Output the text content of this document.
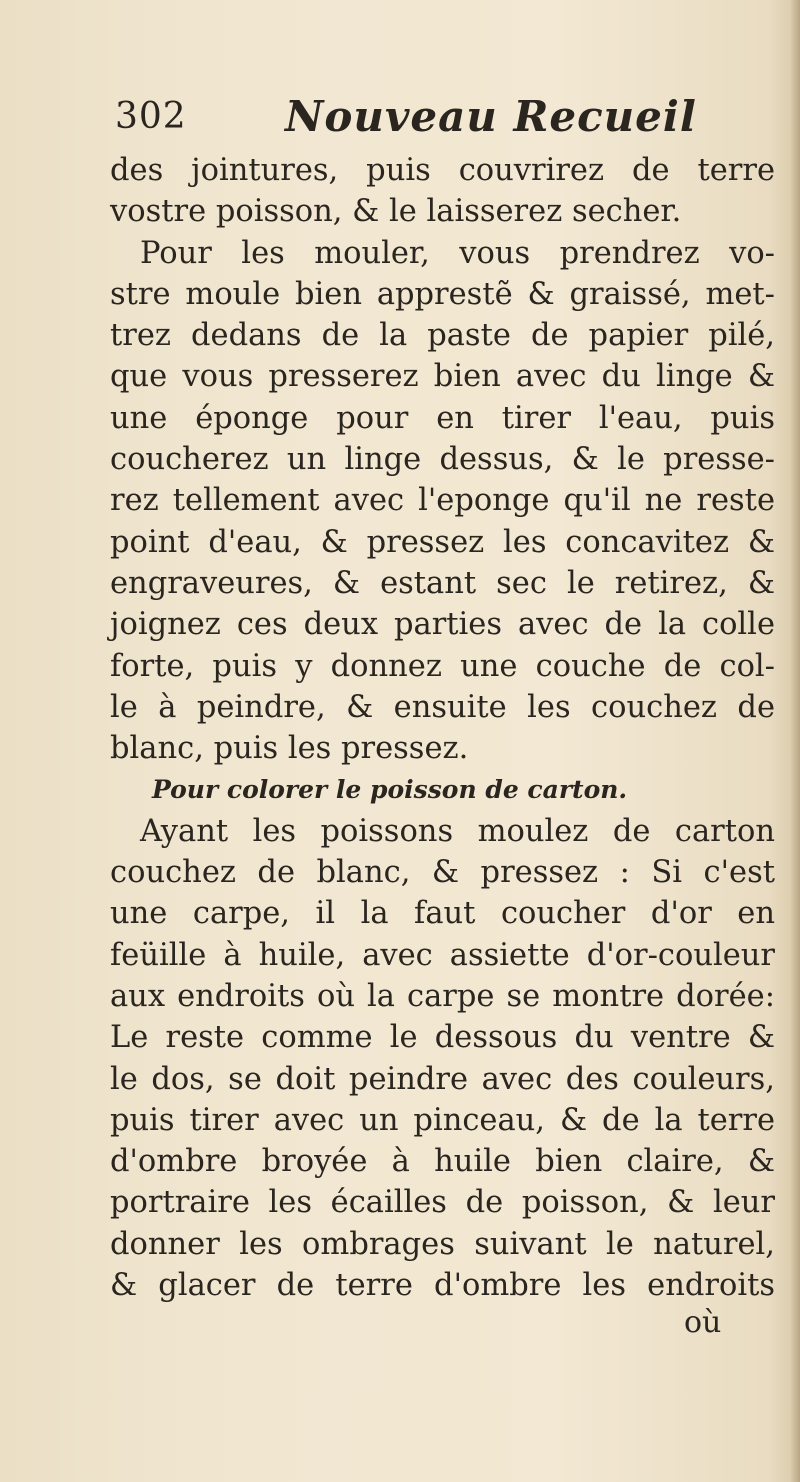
302 Nouveau Recueil
des jointures, puis couvrirez de terre
vostre poisson, & le laisserez secher.
Pour les mouler, vous prendrez vo-
stre moule bien apprestẽ & graissé, met-
trez dedans de la paste de papier pilé,
que vous presserez bien avec du linge &
une éponge pour en tirer l'eau, puis
coucherez un linge dessus, & le presse-
rez tellement avec l'eponge qu'il ne reste
point d'eau, & pressez les concavitez &
engraveures, & estant sec le retirez, &
joignez ces deux parties avec de la colle
forte, puis y donnez une couche de col-
le à peindre, & ensuite les couchez de
blanc, puis les pressez.
Pour colorer le poisson de carton.
Ayant les poissons moulez de carton
couchez de blanc, & pressez : Si c'est
une carpe, il la faut coucher d'or en
feüille à huile, avec assiette d'or-couleur
aux endroits où la carpe se montre dorée:
Le reste comme le dessous du ventre &
le dos, se doit peindre avec des couleurs,
puis tirer avec un pinceau, & de la terre
d'ombre broyée à huile bien claire, &
portraire les écailles de poisson, & leur
donner les ombrages suivant le naturel,
& glacer de terre d'ombre les endroits
où
